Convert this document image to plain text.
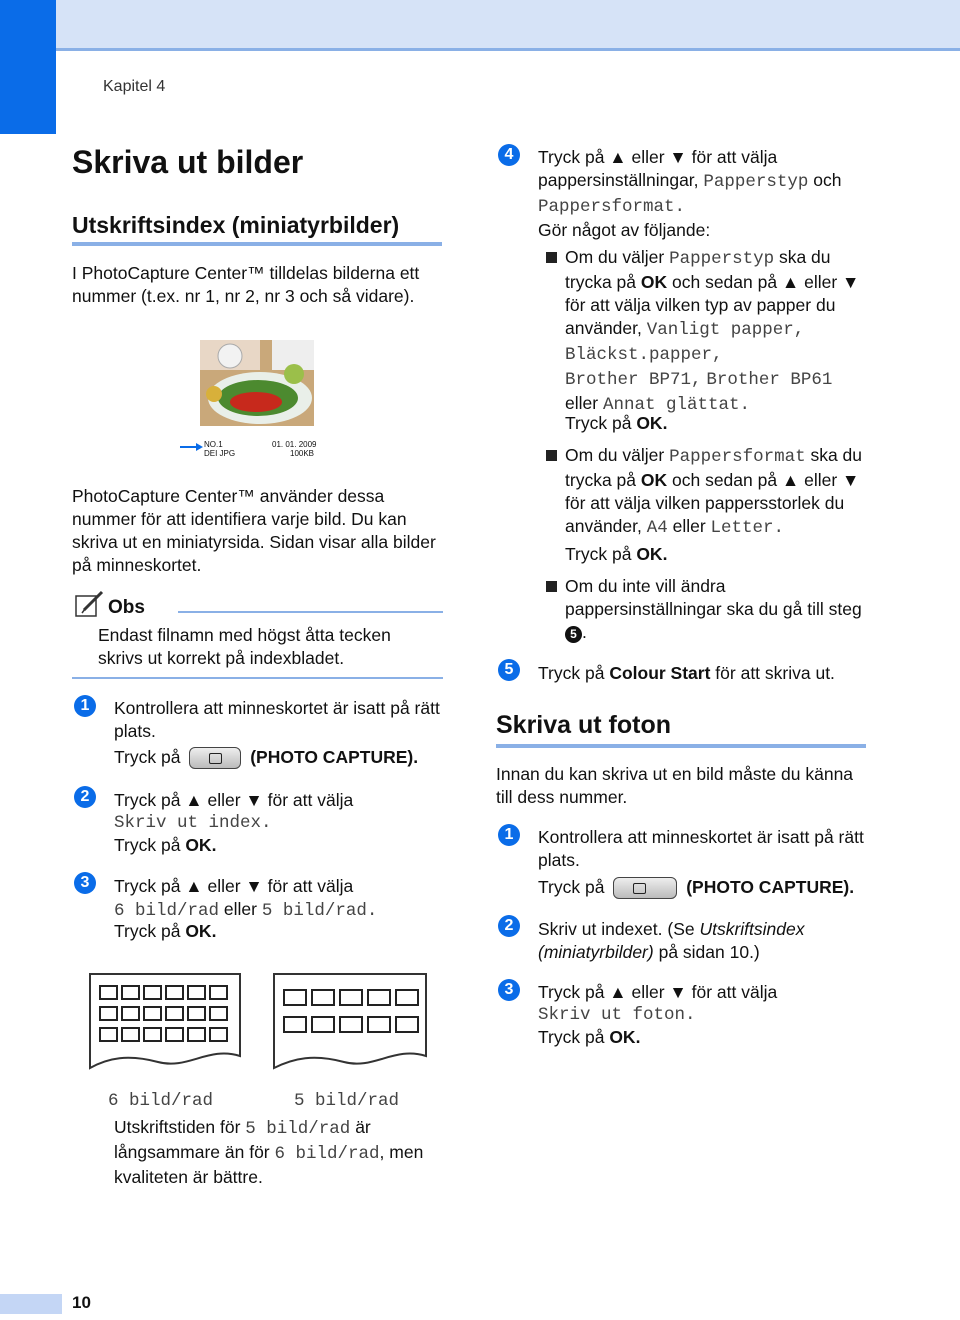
Kapitel 4
Skriva ut bilder
Utskriftsindex (miniatyrbilder)
I PhotoCapture Center™ tilldelas bilderna ett nummer (t.ex. nr 1, nr 2, nr 3 och så vidare).
NO.1
DEI JPG
01. 01. 2009
100KB
PhotoCapture Center™ använder dessa nummer för att identifiera varje bild. Du kan skriva ut en miniatyrsida. Sidan visar alla bilder på minneskortet.
Obs
Endast filnamn med högst åtta tecken skrivs ut korrekt på indexbladet.
1	Kontrollera att minneskortet är isatt på rätt plats.
Tryck på	(PHOTO CAPTURE).
2	Tryck på ▲ eller ▼ för att välja
Skriv ut index.
Tryck på OK.
3	Tryck på ▲ eller ▼ för att välja
6 bild/rad eller 5 bild/rad.
Tryck på OK.
6 bild/rad	5 bild/rad
Utskriftstiden för 5 bild/rad är långsammare än för 6 bild/rad, men kvaliteten är bättre.
4	Tryck på ▲ eller ▼ för att välja pappersinställningar, Papperstyp och Pappersformat.
Gör något av följande:
Om du väljer Papperstyp ska du trycka på OK och sedan på ▲ eller ▼ för att välja vilken typ av papper du använder, Vanligt papper,
Bläckst.papper,
Brother BP71, Brother BP61
eller Annat glättat.
Tryck på OK.
Om du väljer Pappersformat ska du trycka på OK och sedan på ▲ eller ▼ för att välja vilken pappersstorlek du använder, A4 eller Letter.
Tryck på OK.
Om du inte vill ändra pappersinställningar ska du gå till steg 5 .
5	Tryck på Colour Start för att skriva ut.
Skriva ut foton
Innan du kan skriva ut en bild måste du känna till dess nummer.
1	Kontrollera att minneskortet är isatt på rätt plats.
Tryck på	(PHOTO CAPTURE).
2	Skriv ut indexet. (Se Utskriftsindex (miniatyrbilder) på sidan 10.)
3	Tryck på ▲ eller ▼ för att välja
Skriv ut foton.
Tryck på OK.
10
